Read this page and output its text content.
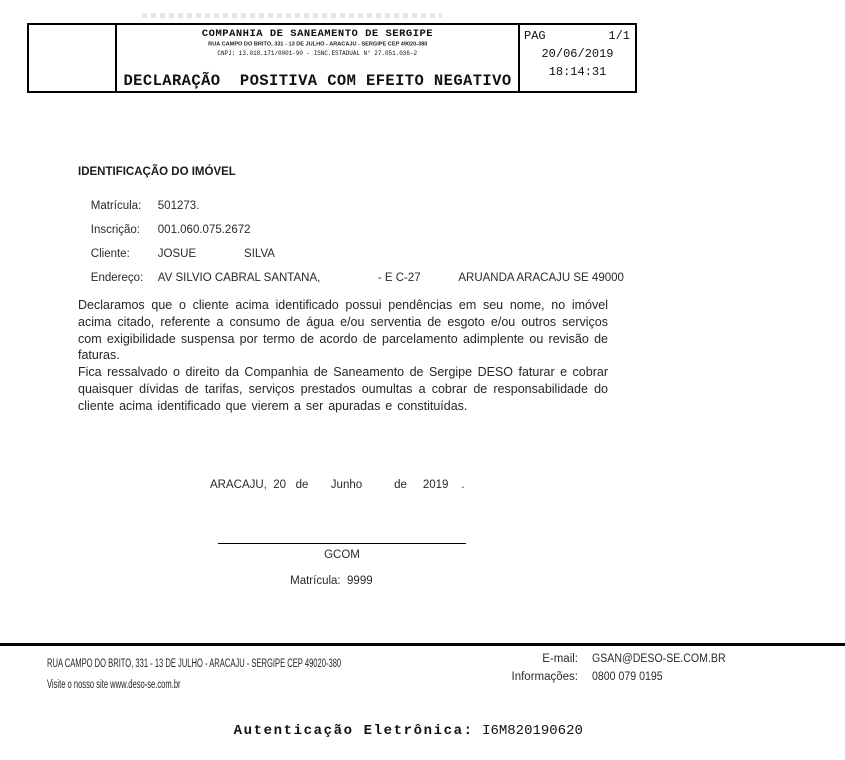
COMPANHIA DE SANEAMENTO DE SERGIPE
RUA CAMPO DO BRITO, 331 - 13 DE JULHO - ARACAJU - SERGIPE CEP 49020-380
CNPJ: 13.018.171/0001-90 - ISNC.ESTADUAL N° 27.051.036-2
DECLARAÇÃO  POSITIVA COM EFEITO NEGATIVO
PAG	1/1
20/06/2019
18:14:31
IDENTIFICAÇÃO DO IMÓVEL

Matrícula: 501273.

Inscrição: 001.060.075.2672

Cliente: JOSUE               SILVA

Endereço: AV SILVIO CABRAL SANTANA,                  - E C-27            ARUANDA ARACAJU SE 49000

Declaramos que o cliente acima identificado possui pendências em seu nome, no imóvel acima citado, referente a consumo de água e/ou serventia de esgoto e/ou outros serviços com exigibilidade suspensa por termo de acordo de parcelamento adimplente ou revisão de faturas.

Fica ressalvado o direito da Companhia de Saneamento de Sergipe DESO faturar e cobrar quaisquer dívidas de tarifas, serviços prestados oumultas a cobrar de responsabilidade do cliente acima identificado que vierem a ser apuradas e constituídas.

ARACAJU,  20   de       Junho          de     2019    .
GCOM

Matrícula: 9999

RUA CAMPO DO BRITO, 331 - 13 DE JULHO - ARACAJU - SERGIPE CEP 49020-380
Visite o nosso site www.deso-se.com.br
E-mail: GSAN@DESO-SE.COM.BR
Informações: 0800 079 0195

Autenticação Eletrônica: I6M820190620
